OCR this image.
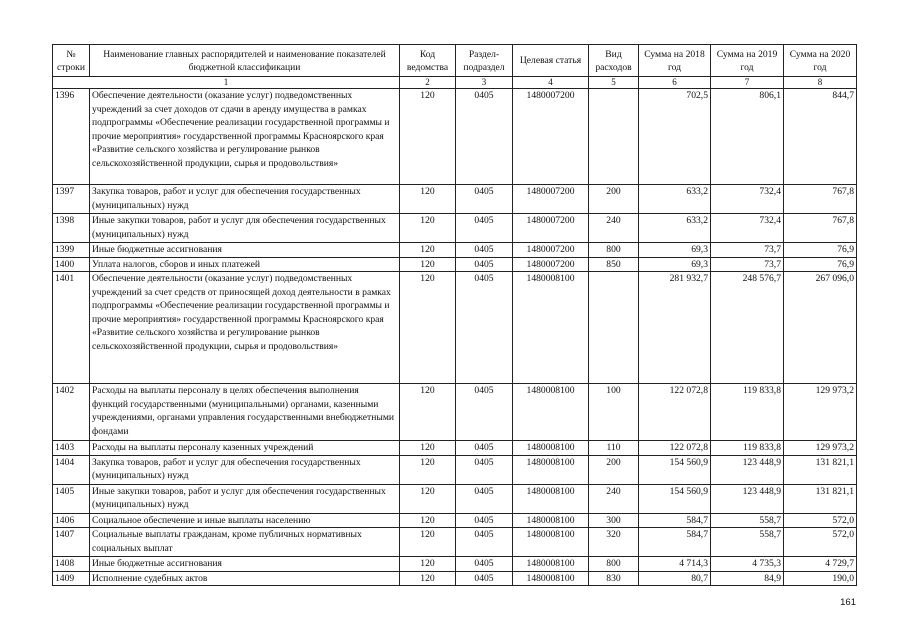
№ строки	Наименование главных распорядителей и наименование показателей бюджетной классификации	Код ведомства	Раздел-подраздел	Целевая статья	Вид расходов	Сумма на 2018 год	Сумма на 2019 год	Сумма на 2020 год
1		2	3	4	5	6	7	8
1396	Обеспечение деятельности (оказание услуг) подведомственных учреждений за счет доходов от сдачи в аренду имущества в рамках подпрограммы «Обеспечение реализации государственной программы и прочие мероприятия» государственной программы Красноярского края «Развитие сельского хозяйства и регулирование рынков сельскохозяйственной продукции, сырья и продовольствия»	120	0405	1480007200		702,5	806,1	844,7
1397	Закупка товаров, работ и услуг для обеспечения государственных (муниципальных) нужд	120	0405	1480007200	200	633,2	732,4	767,8
1398	Иные закупки товаров, работ и услуг для обеспечения государственных (муниципальных) нужд	120	0405	1480007200	240	633,2	732,4	767,8
1399	Иные бюджетные ассигнования	120	0405	1480007200	800	69,3	73,7	76,9
1400	Уплата налогов, сборов и иных платежей	120	0405	1480007200	850	69,3	73,7	76,9
1401	Обеспечение деятельности (оказание услуг) подведомственных учреждений за счет средств от приносящей доход деятельности в рамках подпрограммы «Обеспечение реализации государственной программы и прочие мероприятия» государственной программы Красноярского края «Развитие сельского хозяйства и регулирование рынков сельскохозяйственной продукции, сырья и продовольствия»	120	0405	1480008100		281 932,7	248 576,7	267 096,0
1402	Расходы на выплаты персоналу в целях обеспечения выполнения функций государственными (муниципальными) органами, казенными учреждениями, органами управления государственными внебюджетными фондами	120	0405	1480008100	100	122 072,8	119 833,8	129 973,2
1403	Расходы на выплаты персоналу казенных учреждений	120	0405	1480008100	110	122 072,8	119 833,8	129 973,2
1404	Закупка товаров, работ и услуг для обеспечения государственных (муниципальных) нужд	120	0405	1480008100	200	154 560,9	123 448,9	131 821,1
1405	Иные закупки товаров, работ и услуг для обеспечения государственных (муниципальных) нужд	120	0405	1480008100	240	154 560,9	123 448,9	131 821,1
1406	Социальное обеспечение и иные выплаты населению	120	0405	1480008100	300	584,7	558,7	572,0
1407	Социальные выплаты гражданам, кроме публичных нормативных социальных выплат	120	0405	1480008100	320	584,7	558,7	572,0
1408	Иные бюджетные ассигнования	120	0405	1480008100	800	4 714,3	4 735,3	4 729,7
1409	Исполнение судебных актов	120	0405	1480008100	830	80,7	84,9	190,0
161
